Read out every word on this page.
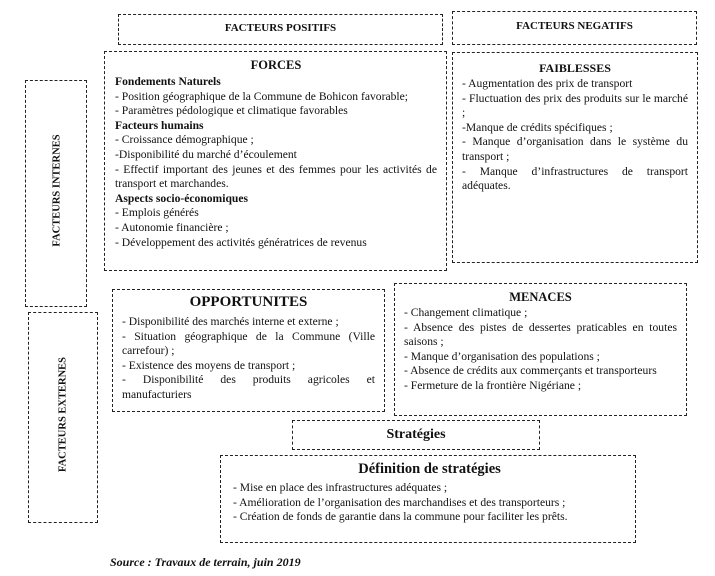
FACTEURS POSITIFS	FACTEURS NEGATIFS
FACTEURS INTERNES
FACTEURS EXTERNES
FORCES
Fondements Naturels
- Position géographique de la Commune de Bohicon favorable;
- Paramètres pédologique et climatique favorables
Facteurs humains
- Croissance démographique ;
-Disponibilité du marché d’écoulement
- Effectif important des jeunes et des femmes pour les activités de transport et marchandes.
Aspects socio-économiques
- Emplois générés
- Autonomie financière ;
- Développement des activités génératrices de revenus
FAIBLESSES
- Augmentation des prix de transport
- Fluctuation des prix des produits sur le marché ;
-Manque de crédits spécifiques ;
- Manque d’organisation dans le système du transport ;
- Manque d’infrastructures de transport adéquates.
OPPORTUNITES
- Disponibilité des marchés interne et externe ;
- Situation géographique de la Commune (Ville carrefour) ;
- Existence des moyens de transport ;
- Disponibilité des produits agricoles et manufacturiers
MENACES
- Changement climatique ;
- Absence des pistes de dessertes praticables en toutes saisons ;
- Manque d’organisation des populations ;
- Absence de crédits aux commerçants et transporteurs
- Fermeture de la frontière Nigériane ;
Stratégies
Définition de stratégies
- Mise en place des infrastructures adéquates ;
- Amélioration de l’organisation des marchandises et des transporteurs ;
- Création de fonds de garantie dans la commune pour faciliter les prêts.
Source : Travaux de terrain, juin 2019
